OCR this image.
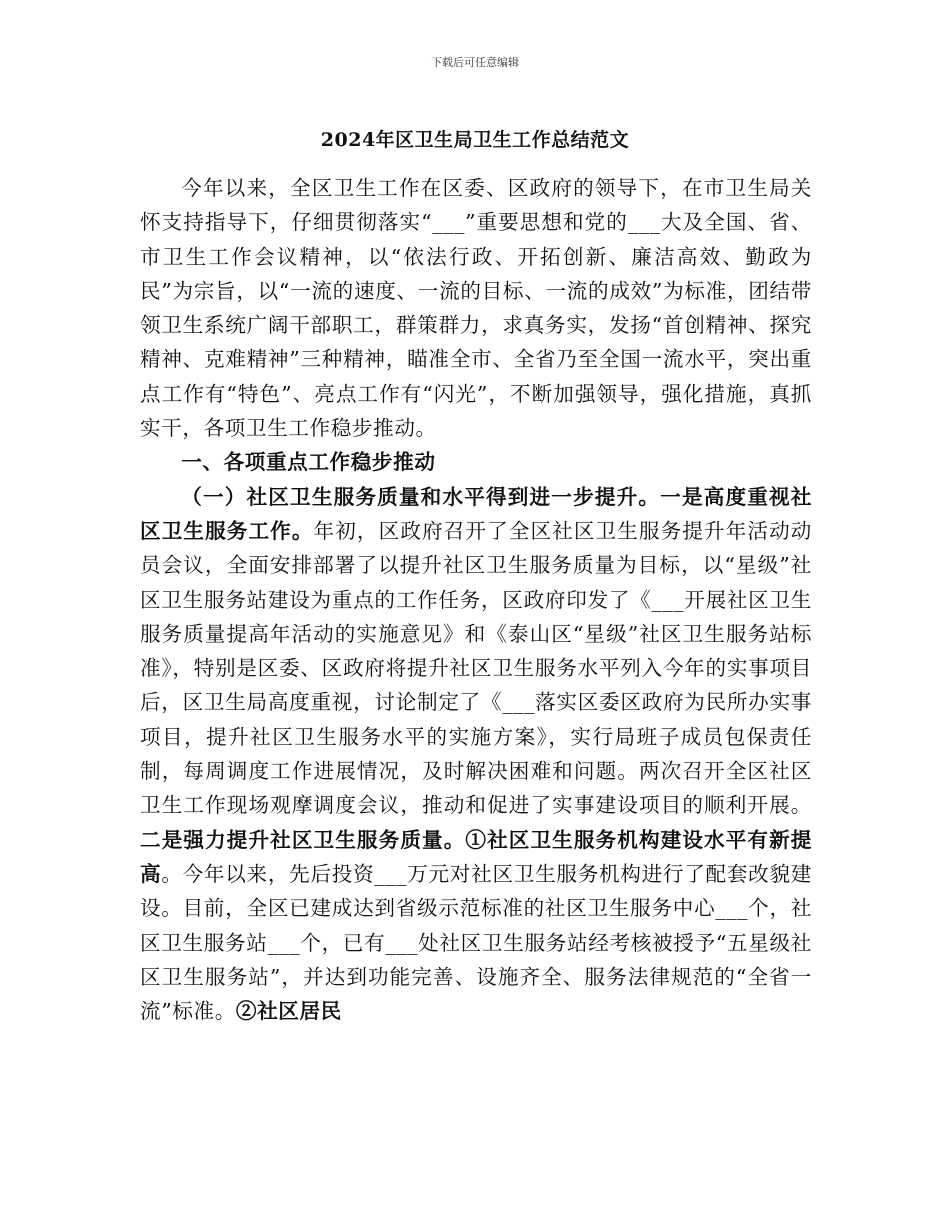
下载后可任意编辑
2024年区卫生局卫生工作总结范文

今年以来，全区卫生工作在区委、区政府的领导下，在市卫生局关怀支持指导下，仔细贯彻落实“___”重要思想和党的___大及全国、省、市卫生工作会议精神，以“依法行政、开拓创新、廉洁高效、勤政为民”为宗旨，以“一流的速度、一流的目标、一流的成效”为标准，团结带领卫生系统广阔干部职工，群策群力，求真务实，发扬“首创精神、探究精神、克难精神”三种精神，瞄准全市、全省乃至全国一流水平，突出重点工作有“特色”、亮点工作有“闪光”，不断加强领导，强化措施，真抓实干，各项卫生工作稳步推动。

一、各项重点工作稳步推动

（一）社区卫生服务质量和水平得到进一步提升。一是高度重视社区卫生服务工作。年初，区政府召开了全区社区卫生服务提升年活动动员会议，全面安排部署了以提升社区卫生服务质量为目标，以“星级”社区卫生服务站建设为重点的工作任务，区政府印发了《___开展社区卫生服务质量提高年活动的实施意见》和《泰山区“星级”社区卫生服务站标准》，特别是区委、区政府将提升社区卫生服务水平列入今年的实事项目后，区卫生局高度重视，讨论制定了《___落实区委区政府为民所办实事项目，提升社区卫生服务水平的实施方案》，实行局班子成员包保责任制，每周调度工作进展情况，及时解决困难和问题。两次召开全区社区卫生工作现场观摩调度会议，推动和促进了实事建设项目的顺利开展。二是强力提升社区卫生服务质量。①社区卫生服务机构建设水平有新提高。今年以来，先后投资___万元对社区卫生服务机构进行了配套改貌建设。目前，全区已建成达到省级示范标准的社区卫生服务中心___个，社区卫生服务站___个，已有___处社区卫生服务站经考核被授予“五星级社区卫生服务站”，并达到功能完善、设施齐全、服务法律规范的“全省一流”标准。②社区居民
